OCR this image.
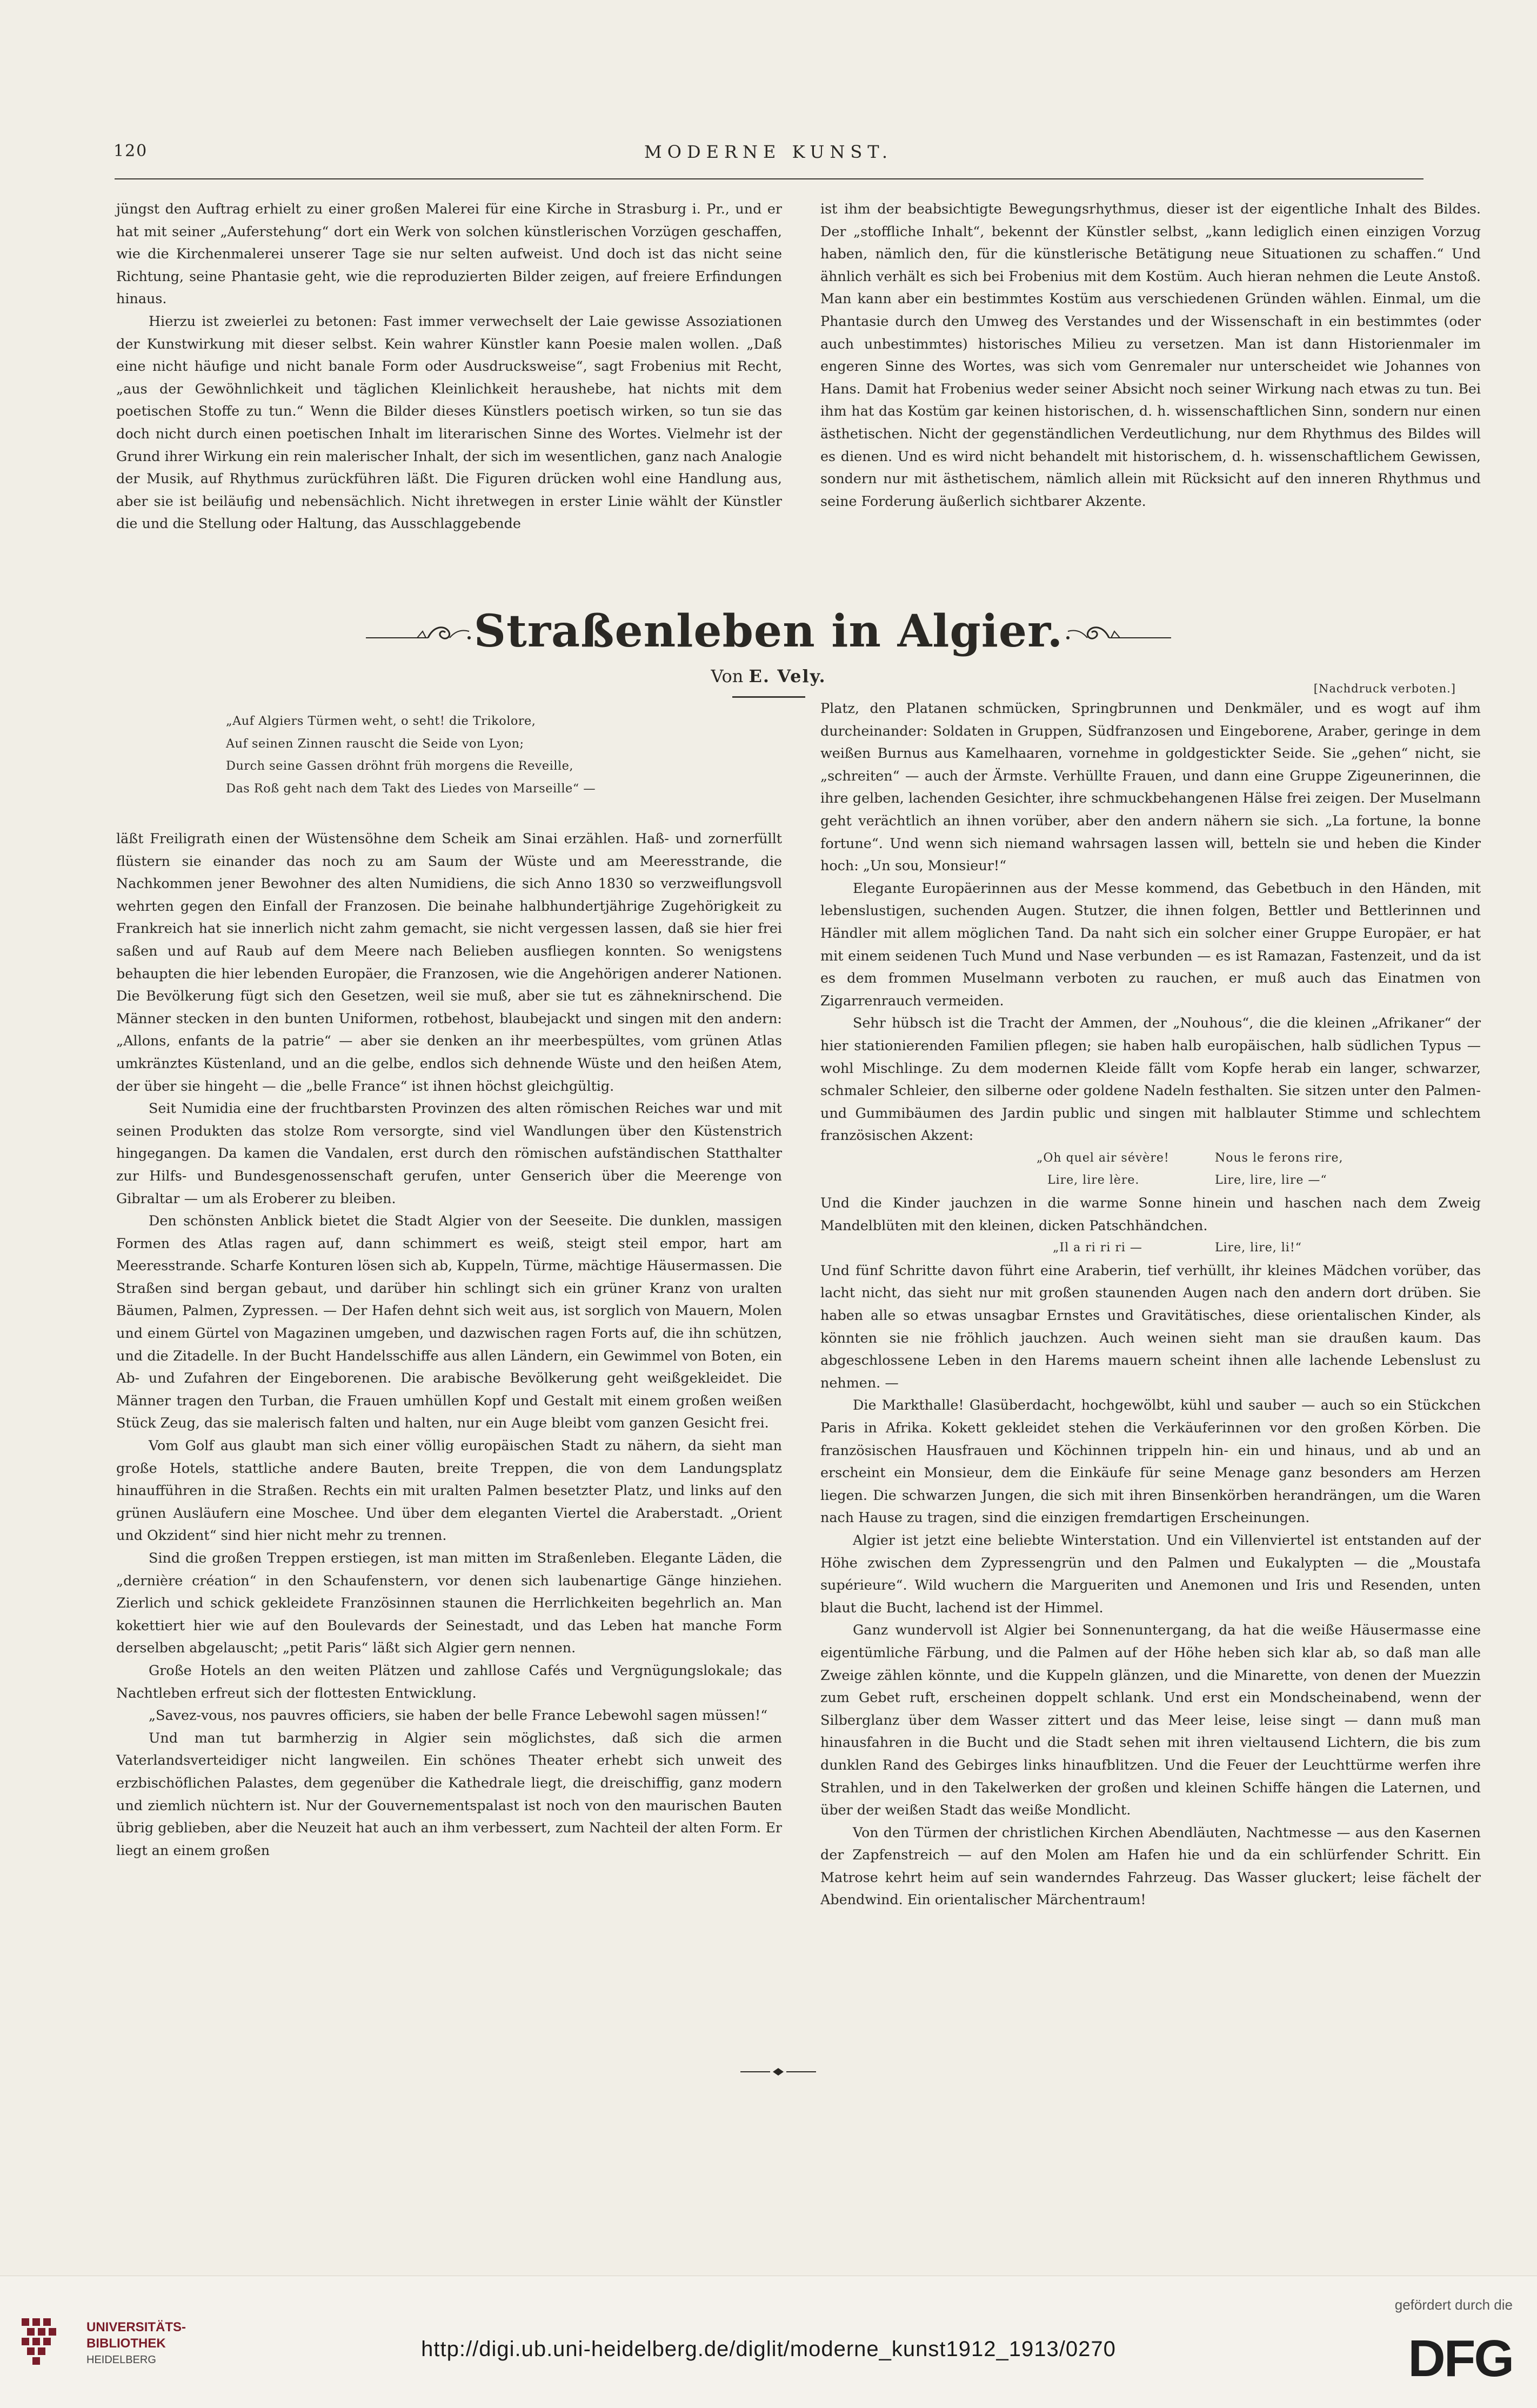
120	MODERNE KUNST.

jüngst den Auftrag erhielt zu einer großen Malerei für eine Kirche in Strasburg i. Pr., und er hat mit seiner „Auferstehung“ dort ein Werk von solchen künstlerischen Vorzügen geschaffen, wie die Kirchenmalerei unserer Tage sie nur selten aufweist. Und doch ist das nicht seine Richtung, seine Phantasie geht, wie die reproduzierten Bilder zeigen, auf freiere Erfindungen hinaus.

Hierzu ist zweierlei zu betonen: Fast immer verwechselt der Laie gewisse Assoziationen der Kunstwirkung mit dieser selbst. Kein wahrer Künstler kann Poesie malen wollen. „Daß eine nicht häufige und nicht banale Form oder Ausdrucksweise“, sagt Frobenius mit Recht, „aus der Gewöhnlichkeit und täglichen Kleinlichkeit heraushebe, hat nichts mit dem poetischen Stoffe zu tun.“ Wenn die Bilder dieses Künstlers poetisch wirken, so tun sie das doch nicht durch einen poetischen Inhalt im literarischen Sinne des Wortes. Vielmehr ist der Grund ihrer Wirkung ein rein malerischer Inhalt, der sich im wesentlichen, ganz nach Analogie der Musik, auf Rhythmus zurückführen läßt. Die Figuren drücken wohl eine Handlung aus, aber sie ist beiläufig und nebensächlich. Nicht ihretwegen in erster Linie wählt der Künstler die und die Stellung oder Haltung, das Ausschlaggebende

ist ihm der beabsichtigte Bewegungsrhythmus, dieser ist der eigentliche Inhalt des Bildes. Der „stoffliche Inhalt“, bekennt der Künstler selbst, „kann lediglich einen einzigen Vorzug haben, nämlich den, für die künstlerische Betätigung neue Situationen zu schaffen.“ Und ähnlich verhält es sich bei Frobenius mit dem Kostüm. Auch hieran nehmen die Leute Anstoß. Man kann aber ein bestimmtes Kostüm aus verschiedenen Gründen wählen. Einmal, um die Phantasie durch den Umweg des Verstandes und der Wissenschaft in ein bestimmtes (oder auch unbestimmtes) historisches Milieu zu versetzen. Man ist dann Historienmaler im engeren Sinne des Wortes, was sich vom Genremaler nur unterscheidet wie Johannes von Hans. Damit hat Frobenius weder seiner Absicht noch seiner Wirkung nach etwas zu tun. Bei ihm hat das Kostüm gar keinen historischen, d. h. wissenschaftlichen Sinn, sondern nur einen ästhetischen. Nicht der gegenständlichen Verdeutlichung, nur dem Rhythmus des Bildes will es dienen. Und es wird nicht behandelt mit historischem, d. h. wissenschaftlichem Gewissen, sondern nur mit ästhetischem, nämlich allein mit Rücksicht auf den inneren Rhythmus und seine Forderung äußerlich sichtbarer Akzente.

Straßenleben in Algier.
Von E. Vely.
[Nachdruck verboten.]
„Auf Algiers Türmen weht, o seht! die Trikolore,
Auf seinen Zinnen rauscht die Seide von Lyon;
Durch seine Gassen dröhnt früh morgens die Reveille,
Das Roß geht nach dem Takt des Liedes von Marseille“ —

läßt Freiligrath einen der Wüstensöhne dem Scheik am Sinai erzählen. Haß- und zornerfüllt flüstern sie einander das noch zu am Saum der Wüste und am Meeresstrande, die Nachkommen jener Bewohner des alten Numidiens, die sich Anno 1830 so verzweiflungsvoll wehrten gegen den Einfall der Franzosen. Die beinahe halbhundertjährige Zugehörigkeit zu Frankreich hat sie innerlich nicht zahm gemacht, sie nicht vergessen lassen, daß sie hier frei saßen und auf Raub auf dem Meere nach Belieben ausfliegen konnten. So wenigstens behaupten die hier lebenden Europäer, die Franzosen, wie die Angehörigen anderer Nationen. Die Bevölkerung fügt sich den Gesetzen, weil sie muß, aber sie tut es zähneknirschend. Die Männer stecken in den bunten Uniformen, rotbehost, blaubejackt und singen mit den andern: „Allons, enfants de la patrie“ — aber sie denken an ihr meerbespültes, vom grünen Atlas umkränztes Küstenland, und an die gelbe, endlos sich dehnende Wüste und den heißen Atem, der über sie hingeht — die „belle France“ ist ihnen höchst gleichgültig.

Seit Numidia eine der fruchtbarsten Provinzen des alten römischen Reiches war und mit seinen Produkten das stolze Rom versorgte, sind viel Wandlungen über den Küstenstrich hingegangen. Da kamen die Vandalen, erst durch den römischen aufständischen Statthalter zur Hilfs- und Bundesgenossenschaft gerufen, unter Genserich über die Meerenge von Gibraltar — um als Eroberer zu bleiben.

Den schönsten Anblick bietet die Stadt Algier von der Seeseite. Die dunklen, massigen Formen des Atlas ragen auf, dann schimmert es weiß, steigt steil empor, hart am Meeresstrande. Scharfe Konturen lösen sich ab, Kuppeln, Türme, mächtige Häusermassen. Die Straßen sind bergan gebaut, und darüber hin schlingt sich ein grüner Kranz von uralten Bäumen, Palmen, Zypressen. — Der Hafen dehnt sich weit aus, ist sorglich von Mauern, Molen und einem Gürtel von Magazinen umgeben, und dazwischen ragen Forts auf, die ihn schützen, und die Zitadelle. In der Bucht Handelsschiffe aus allen Ländern, ein Gewimmel von Boten, ein Ab- und Zufahren der Eingeborenen. Die arabische Bevölkerung geht weißgekleidet. Die Männer tragen den Turban, die Frauen umhüllen Kopf und Gestalt mit einem großen weißen Stück Zeug, das sie malerisch falten und halten, nur ein Auge bleibt vom ganzen Gesicht frei.

Vom Golf aus glaubt man sich einer völlig europäischen Stadt zu nähern, da sieht man große Hotels, stattliche andere Bauten, breite Treppen, die von dem Landungsplatz hinaufführen in die Straßen. Rechts ein mit uralten Palmen besetzter Platz, und links auf den grünen Ausläufern eine Moschee. Und über dem eleganten Viertel die Araberstadt. „Orient und Okzident“ sind hier nicht mehr zu trennen.

Sind die großen Treppen erstiegen, ist man mitten im Straßenleben. Elegante Läden, die „dernière création“ in den Schaufenstern, vor denen sich laubenartige Gänge hinziehen. Zierlich und schick gekleidete Französinnen staunen die Herrlichkeiten begehrlich an. Man kokettiert hier wie auf den Boulevards der Seinestadt, und das Leben hat manche Form derselben abgelauscht; „petit Paris“ läßt sich Algier gern nennen.

Große Hotels an den weiten Plätzen und zahllose Cafés und Vergnügungslokale; das Nachtleben erfreut sich der flottesten Entwicklung.

„Savez-vous, nos pauvres officiers, sie haben der belle France Lebewohl sagen müssen!“

Und man tut barmherzig in Algier sein möglichstes, daß sich die armen Vaterlandsverteidiger nicht langweilen. Ein schönes Theater erhebt sich unweit des erzbischöflichen Palastes, dem gegenüber die Kathedrale liegt, die dreischiffig, ganz modern und ziemlich nüchtern ist. Nur der Gouvernementspalast ist noch von den maurischen Bauten übrig geblieben, aber die Neuzeit hat auch an ihm verbessert, zum Nachteil der alten Form. Er liegt an einem großen

Platz, den Platanen schmücken, Springbrunnen und Denkmäler, und es wogt auf ihm durcheinander: Soldaten in Gruppen, Südfranzosen und Eingeborene, Araber, geringe in dem weißen Burnus aus Kamelhaaren, vornehme in goldgestickter Seide. Sie „gehen“ nicht, sie „schreiten“ — auch der Ärmste. Verhüllte Frauen, und dann eine Gruppe Zigeunerinnen, die ihre gelben, lachenden Gesichter, ihre schmuckbehangenen Hälse frei zeigen. Der Muselmann geht verächtlich an ihnen vorüber, aber den andern nähern sie sich. „La fortune, la bonne fortune“. Und wenn sich niemand wahrsagen lassen will, betteln sie und heben die Kinder hoch: „Un sou, Monsieur!“

Elegante Europäerinnen aus der Messe kommend, das Gebetbuch in den Händen, mit lebenslustigen, suchenden Augen. Stutzer, die ihnen folgen, Bettler und Bettlerinnen und Händler mit allem möglichen Tand. Da naht sich ein solcher einer Gruppe Europäer, er hat mit einem seidenen Tuch Mund und Nase verbunden — es ist Ramazan, Fastenzeit, und da ist es dem frommen Muselmann verboten zu rauchen, er muß auch das Einatmen von Zigarrenrauch vermeiden.

Sehr hübsch ist die Tracht der Ammen, der „Nouhous“, die die kleinen „Afrikaner“ der hier stationierenden Familien pflegen; sie haben halb europäischen, halb südlichen Typus — wohl Mischlinge. Zu dem modernen Kleide fällt vom Kopfe herab ein langer, schwarzer, schmaler Schleier, den silberne oder goldene Nadeln festhalten. Sie sitzen unter den Palmen- und Gummibäumen des Jardin public und singen mit halblauter Stimme und schlechtem französischen Akzent:

„Oh quel air sévère!	Nous le ferons rire,
Lire, lire lère.	Lire, lire, lire —“

Und die Kinder jauchzen in die warme Sonne hinein und haschen nach dem Zweig Mandelblüten mit den kleinen, dicken Patschhändchen.

„Il a ri ri ri —	Lire, lire, li!“

Und fünf Schritte davon führt eine Araberin, tief verhüllt, ihr kleines Mädchen vorüber, das lacht nicht, das sieht nur mit großen staunenden Augen nach den andern dort drüben. Sie haben alle so etwas unsagbar Ernstes und Gravitätisches, diese orientalischen Kinder, als könnten sie nie fröhlich jauchzen. Auch weinen sieht man sie draußen kaum. Das abgeschlossene Leben in den Harems mauern scheint ihnen alle lachende Lebenslust zu nehmen. —

Die Markthalle! Glasüberdacht, hochgewölbt, kühl und sauber — auch so ein Stückchen Paris in Afrika. Kokett gekleidet stehen die Verkäuferinnen vor den großen Körben. Die französischen Hausfrauen und Köchinnen trippeln hin- ein und hinaus, und ab und an erscheint ein Monsieur, dem die Einkäufe für seine Menage ganz besonders am Herzen liegen. Die schwarzen Jungen, die sich mit ihren Binsenkörben herandrängen, um die Waren nach Hause zu tragen, sind die einzigen fremdartigen Erscheinungen.

Algier ist jetzt eine beliebte Winterstation. Und ein Villenviertel ist entstanden auf der Höhe zwischen dem Zypressengrün und den Palmen und Eukalypten — die „Moustafa supérieure“. Wild wuchern die Margueriten und Anemonen und Iris und Resenden, unten blaut die Bucht, lachend ist der Himmel.

Ganz wundervoll ist Algier bei Sonnenuntergang, da hat die weiße Häusermasse eine eigentümliche Färbung, und die Palmen auf der Höhe heben sich klar ab, so daß man alle Zweige zählen könnte, und die Kuppeln glänzen, und die Minarette, von denen der Muezzin zum Gebet ruft, erscheinen doppelt schlank. Und erst ein Mondscheinabend, wenn der Silberglanz über dem Wasser zittert und das Meer leise, leise singt — dann muß man hinausfahren in die Bucht und die Stadt sehen mit ihren vieltausend Lichtern, die bis zum dunklen Rand des Gebirges links hinaufblitzen. Und die Feuer der Leuchttürme werfen ihre Strahlen, und in den Takelwerken der großen und kleinen Schiffe hängen die Laternen, und über der weißen Stadt das weiße Mondlicht.

Von den Türmen der christlichen Kirchen Abendläuten, Nachtmesse — aus den Kasernen der Zapfenstreich — auf den Molen am Hafen hie und da ein schlürfender Schritt. Ein Matrose kehrt heim auf sein wanderndes Fahrzeug. Das Wasser gluckert; leise fächelt der Abendwind. Ein orientalischer Märchentraum!

UNIVERSITÄTS-
BIBLIOTHEK
HEIDELBERG	http://digi.ub.uni-heidelberg.de/diglit/moderne_kunst1912_1913/0270
gefördert durch die
DFG
